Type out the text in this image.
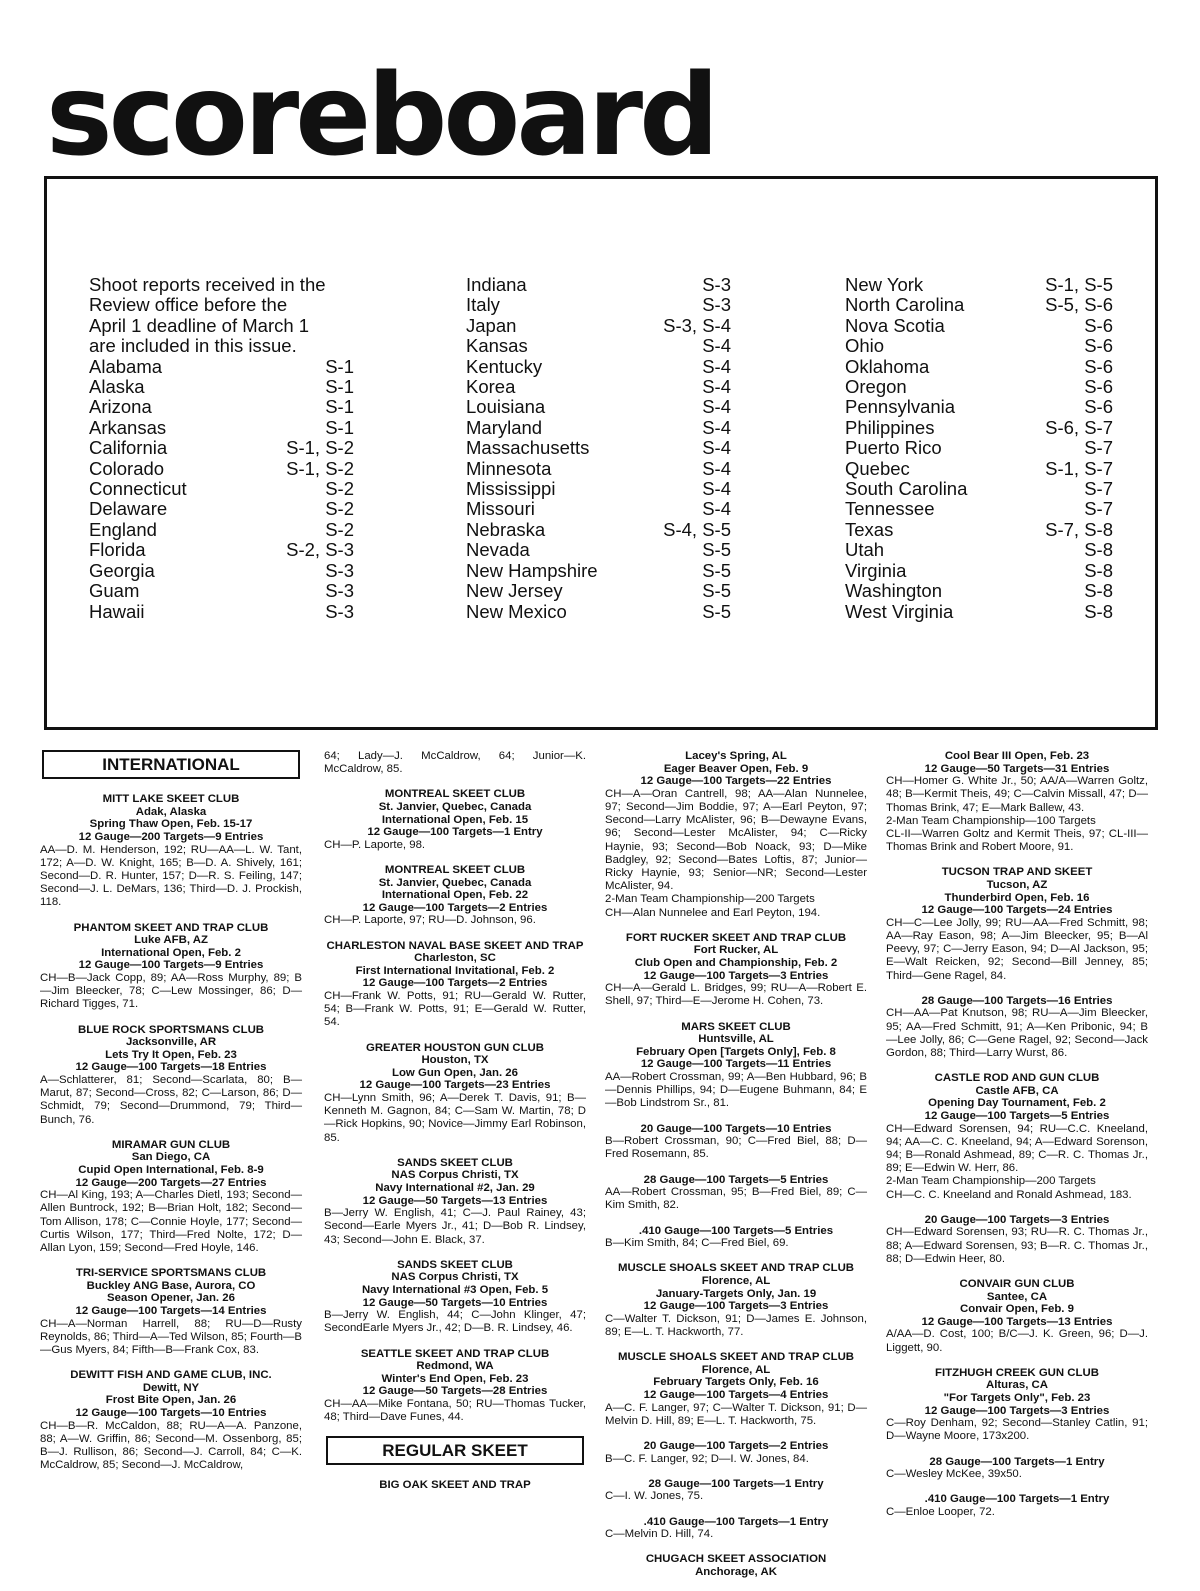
scoreboard
Shoot reports received in the
Review office before the
April 1 deadline of March 1
are included in this issue.
Alabama	S-1
Alaska	S-1
Arizona	S-1
Arkansas	S-1
California	S-1, S-2
Colorado	S-1, S-2
Connecticut	S-2
Delaware	S-2
England	S-2
Florida	S-2, S-3
Georgia	S-3
Guam	S-3
Hawaii	S-3
Indiana	S-3
Italy	S-3
Japan	S-3, S-4
Kansas	S-4
Kentucky	S-4
Korea	S-4
Louisiana	S-4
Maryland	S-4
Massachusetts	S-4
Minnesota	S-4
Mississippi	S-4
Missouri	S-4
Nebraska	S-4, S-5
Nevada	S-5
New Hampshire	S-5
New Jersey	S-5
New Mexico	S-5
New York	S-1, S-5
North Carolina	S-5, S-6
Nova Scotia	S-6
Ohio	S-6
Oklahoma	S-6
Oregon	S-6
Pennsylvania	S-6
Philippines	S-6, S-7
Puerto Rico	S-7
Quebec	S-1, S-7
South Carolina	S-7
Tennessee	S-7
Texas	S-7, S-8
Utah	S-8
Virginia	S-8
Washington	S-8
West Virginia	S-8
INTERNATIONAL
MITT LAKE SKEET CLUB
Adak, Alaska
Spring Thaw Open, Feb. 15-17
12 Gauge—200 Targets—9 Entries
AA—D. M. Henderson, 192; RU—AA—L. W. Tant, 172; A—D. W. Knight, 165; B—D. A. Shively, 161; Second—D. R. Hunter, 157; D—R. S. Feiling, 147; Second—J. L. DeMars, 136; Third—D. J. Prockish, 118.
PHANTOM SKEET AND TRAP CLUB
Luke AFB, AZ
International Open, Feb. 2
12 Gauge—100 Targets—9 Entries
CH—B—Jack Copp, 89; AA—Ross Murphy, 89; B—Jim Bleecker, 78; C—Lew Mossinger, 86; D—Richard Tigges, 71.
BLUE ROCK SPORTSMANS CLUB
Jacksonville, AR
Lets Try It Open, Feb. 23
12 Gauge—100 Targets—18 Entries
A—Schlatterer, 81; Second—Scarlata, 80; B—Marut, 87; Second—Cross, 82; C—Larson, 86; D—Schmidt, 79; Second—Drummond, 79; Third—Bunch, 76.
MIRAMAR GUN CLUB
San Diego, CA
Cupid Open International, Feb. 8-9
12 Gauge—200 Targets—27 Entries
CH—Al King, 193; A—Charles Dietl, 193; Second—Allen Buntrock, 192; B—Brian Holt, 182; Second—Tom Allison, 178; C—Connie Hoyle, 177; Second—Curtis Wilson, 177; Third—Fred Nolte, 172; D—Allan Lyon, 159; Second—Fred Hoyle, 146.
TRI-SERVICE SPORTSMANS CLUB
Buckley ANG Base, Aurora, CO
Season Opener, Jan. 26
12 Gauge—100 Targets—14 Entries
CH—A—Norman Harrell, 88; RU—D—Rusty Reynolds, 86; Third—A—Ted Wilson, 85; Fourth—B—Gus Myers, 84; Fifth—B—Frank Cox, 83.
DEWITT FISH AND GAME CLUB, INC.
Dewitt, NY
Frost Bite Open, Jan. 26
12 Gauge—100 Targets—10 Entries
CH—B—R. McCaldon, 88; RU—A—A. Panzone, 88; A—W. Griffin, 86; Second—M. Ossenborg, 85; B—J. Rullison, 86; Second—J. Carroll, 84; C—K. McCaldrow, 85; Second—J. McCaldrow,
64; Lady—J. McCaldrow, 64; Junior—K. McCaldrow, 85.
MONTREAL SKEET CLUB
St. Janvier, Quebec, Canada
International Open, Feb. 15
12 Gauge—100 Targets—1 Entry
CH—P. Laporte, 98.
MONTREAL SKEET CLUB
St. Janvier, Quebec, Canada
International Open, Feb. 22
12 Gauge—100 Targets—2 Entries
CH—P. Laporte, 97; RU—D. Johnson, 96.
CHARLESTON NAVAL BASE SKEET AND TRAP
Charleston, SC
First International Invitational, Feb. 2
12 Gauge—100 Targets—2 Entries
CH—Frank W. Potts, 91; RU—Gerald W. Rutter, 54; B—Frank W. Potts, 91; E—Gerald W. Rutter, 54.
GREATER HOUSTON GUN CLUB
Houston, TX
Low Gun Open, Jan. 26
12 Gauge—100 Targets—23 Entries
CH—Lynn Smith, 96; A—Derek T. Davis, 91; B—Kenneth M. Gagnon, 84; C—Sam W. Martin, 78; D—Rick Hopkins, 90; Novice—Jimmy Earl Robinson, 85.
SANDS SKEET CLUB
NAS Corpus Christi, TX
Navy International #2, Jan. 29
12 Gauge—50 Targets—13 Entries
B—Jerry W. English, 41; C—J. Paul Rainey, 43; Second—Earle Myers Jr., 41; D—Bob R. Lindsey, 43; Second—John E. Black, 37.
SANDS SKEET CLUB
NAS Corpus Christi, TX
Navy International #3 Open, Feb. 5
12 Gauge—50 Targets—10 Entries
B—Jerry W. English, 44; C—John Klinger, 47; SecondEarle Myers Jr., 42; D—B. R. Lindsey, 46.
SEATTLE SKEET AND TRAP CLUB
Redmond, WA
Winter's End Open, Feb. 23
12 Gauge—50 Targets—28 Entries
CH—AA—Mike Fontana, 50; RU—Thomas Tucker, 48; Third—Dave Funes, 44.
REGULAR SKEET
BIG OAK SKEET AND TRAP
Lacey's Spring, AL
Eager Beaver Open, Feb. 9
12 Gauge—100 Targets—22 Entries
CH—A—Oran Cantrell, 98; AA—Alan Nunnelee, 97; Second—Jim Boddie, 97; A—Earl Peyton, 97; Second—Larry McAlister, 96; B—Dewayne Evans, 96; Second—Lester McAlister, 94; C—Ricky Haynie, 93; Second—Bob Noack, 93; D—Mike Badgley, 92; Second—Bates Loftis, 87; Junior—Ricky Haynie, 93; Senior—NR; Second—Lester McAlister, 94.
2-Man Team Championship—200 Targets
CH—Alan Nunnelee and Earl Peyton, 194.
FORT RUCKER SKEET AND TRAP CLUB
Fort Rucker, AL
Club Open and Championship, Feb. 2
12 Gauge—100 Targets—3 Entries
CH—A—Gerald L. Bridges, 99; RU—A—Robert E. Shell, 97; Third—E—Jerome H. Cohen, 73.
MARS SKEET CLUB
Huntsville, AL
February Open [Targets Only], Feb. 8
12 Gauge—100 Targets—11 Entries
AA—Robert Crossman, 99; A—Ben Hubbard, 96; B—Dennis Phillips, 94; D—Eugene Buhmann, 84; E—Bob Lindstrom Sr., 81.
20 Gauge—100 Targets—10 Entries
B—Robert Crossman, 90; C—Fred Biel, 88; D—Fred Rosemann, 85.
28 Gauge—100 Targets—5 Entries
AA—Robert Crossman, 95; B—Fred Biel, 89; C—Kim Smith, 82.
.410 Gauge—100 Targets—5 Entries
B—Kim Smith, 84; C—Fred Biel, 69.
MUSCLE SHOALS SKEET AND TRAP CLUB
Florence, AL
January-Targets Only, Jan. 19
12 Gauge—100 Targets—3 Entries
C—Walter T. Dickson, 91; D—James E. Johnson, 89; E—L. T. Hackworth, 77.
MUSCLE SHOALS SKEET AND TRAP CLUB
Florence, AL
February Targets Only, Feb. 16
12 Gauge—100 Targets—4 Entries
A—C. F. Langer, 97; C—Walter T. Dickson, 91; D—Melvin D. Hill, 89; E—L. T. Hackworth, 75.
20 Gauge—100 Targets—2 Entries
B—C. F. Langer, 92; D—I. W. Jones, 84.
28 Gauge—100 Targets—1 Entry
C—I. W. Jones, 75.
.410 Gauge—100 Targets—1 Entry
C—Melvin D. Hill, 74.
CHUGACH SKEET ASSOCIATION
Anchorage, AK
Cool Bear III Open, Feb. 23
12 Gauge—50 Targets—31 Entries
CH—Homer G. White Jr., 50; AA/A—Warren Goltz, 48; B—Kermit Theis, 49; C—Calvin Missall, 47; D—Thomas Brink, 47; E—Mark Ballew, 43.
2-Man Team Championship—100 Targets
CL-II—Warren Goltz and Kermit Theis, 97; CL-III—Thomas Brink and Robert Moore, 91.
TUCSON TRAP AND SKEET
Tucson, AZ
Thunderbird Open, Feb. 16
12 Gauge—100 Targets—24 Entries
CH—C—Lee Jolly, 99; RU—AA—Fred Schmitt, 98; AA—Ray Eason, 98; A—Jim Bleecker, 95; B—Al Peevy, 97; C—Jerry Eason, 94; D—Al Jackson, 95; E—Walt Reicken, 92; Second—Bill Jenney, 85; Third—Gene Ragel, 84.
28 Gauge—100 Targets—16 Entries
CH—AA—Pat Knutson, 98; RU—A—Jim Bleecker, 95; AA—Fred Schmitt, 91; A—Ken Pribonic, 94; B—Lee Jolly, 86; C—Gene Ragel, 92; Second—Jack Gordon, 88; Third—Larry Wurst, 86.
CASTLE ROD AND GUN CLUB
Castle AFB, CA
Opening Day Tournament, Feb. 2
12 Gauge—100 Targets—5 Entries
CH—Edward Sorensen, 94; RU—C.C. Kneeland, 94; AA—C. C. Kneeland, 94; A—Edward Sorenson, 94; B—Ronald Ashmead, 89; C—R. C. Thomas Jr., 89; E—Edwin W. Herr, 86.
2-Man Team Championship—200 Targets
CH—C. C. Kneeland and Ronald Ashmead, 183.
20 Gauge—100 Targets—3 Entries
CH—Edward Sorensen, 93; RU—R. C. Thomas Jr., 88; A—Edward Sorensen, 93; B—R. C. Thomas Jr., 88; D—Edwin Heer, 80.
CONVAIR GUN CLUB
Santee, CA
Convair Open, Feb. 9
12 Gauge—100 Targets—13 Entries
A/AA—D. Cost, 100; B/C—J. K. Green, 96; D—J. Liggett, 90.
FITZHUGH CREEK GUN CLUB
Alturas, CA
"For Targets Only", Feb. 23
12 Gauge—100 Targets—3 Entries
C—Roy Denham, 92; Second—Stanley Catlin, 91; D—Wayne Moore, 173x200.
28 Gauge—100 Targets—1 Entry
C—Wesley McKee, 39x50.
.410 Gauge—100 Targets—1 Entry
C—Enloe Looper, 72.
